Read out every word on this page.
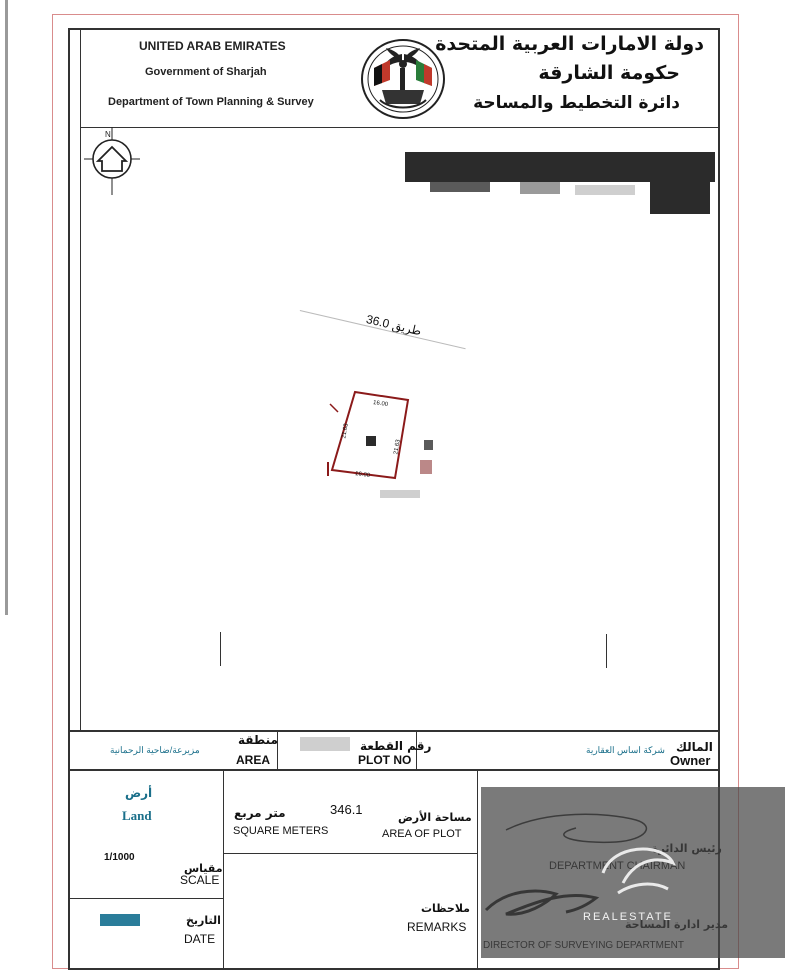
UNITED ARAB EMIRATES
Government of Sharjah
Department of Town Planning & Survey
دولة الامارات العربية المتحدة
حكومة الشارقة
دائرة التخطيط والمساحة
N
36.0 طريق
16.00
16.00
21.63
21.63
مزيرعة/ضاحية الرحمانية
منطقة
AREA
رقم القطعة
PLOT NO
شركة اساس العقارية المالك
Owner
أرض
Land
1/1000
مقياس
SCALE
التاريخ
DATE
346.1
متر مربع
SQUARE METERS
مساحة الأرض
AREA OF PLOT
ملاحظات
REMARKS
REALESTATE
